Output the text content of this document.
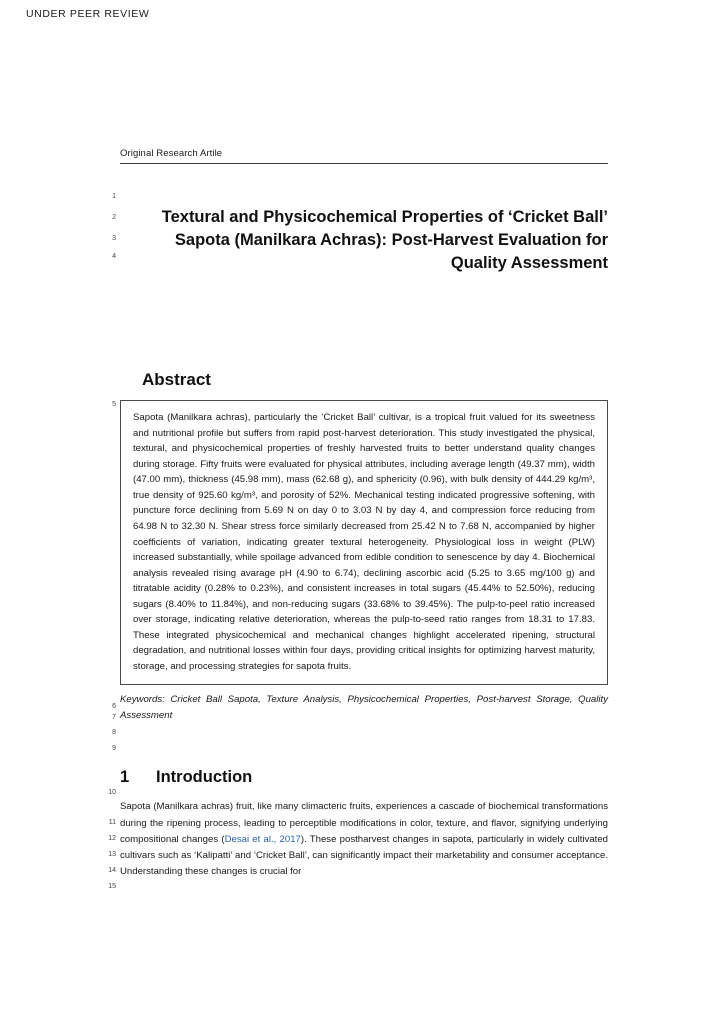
UNDER PEER REVIEW
1
2
3
4
5
6
7
8
9
10
11
12
13
14
15
Original Research Artile
Textural and Physicochemical Properties of ‘Cricket Ball’ Sapota (Manilkara Achras): Post-Harvest Evaluation for Quality Assessment
Abstract
Sapota (Manilkara achras), particularly the ‘Cricket Ball’ cultivar, is a tropical fruit valued for its sweetness and nutritional profile but suffers from rapid post-harvest deterioration. This study investigated the physical, textural, and physicochemical properties of freshly harvested fruits to better understand quality changes during storage. Fifty fruits were evaluated for physical attributes, including average length (49.37 mm), width (47.00 mm), thickness (45.98 mm), mass (62.68 g), and sphericity (0.96), with bulk density of 444.29 kg/m³, true density of 925.60 kg/m³, and porosity of 52%. Mechanical testing indicated progressive softening, with puncture force declining from 5.69 N on day 0 to 3.03 N by day 4, and compression force reducing from 64.98 N to 32.30 N. Shear stress force similarly decreased from 25.42 N to 7.68 N, accompanied by higher coefficients of variation, indicating greater textural heterogeneity. Physiological loss in weight (PLW) increased substantially, while spoilage advanced from edible condition to senescence by day 4. Biochemical analysis revealed rising avarage pH (4.90 to 6.74), declining ascorbic acid (5.25 to 3.65 mg/100 g) and titratable acidity (0.28% to 0.23%), and consistent increases in total sugars (45.44% to 52.50%), reducing sugars (8.40% to 11.84%), and non-reducing sugars (33.68% to 39.45%). The pulp-to-peel ratio increased over storage, indicating relative deterioration, whereas the pulp-to-seed ratio ranges from 18.31 to 17.83. These integrated physicochemical and mechanical changes highlight accelerated ripening, structural degradation, and nutritional losses within four days, providing critical insights for optimizing harvest maturity, storage, and processing strategies for sapota fruits.
Keywords: Cricket Ball Sapota, Texture Analysis, Physicochemical Properties, Post-harvest Storage, Quality Assessment
1 Introduction
Sapota (Manilkara achras) fruit, like many climacteric fruits, experiences a cascade of biochemical transformations during the ripening process, leading to perceptible modifications in color, texture, and flavor, signifying underlying compositional changes (Desai et al., 2017). These postharvest changes in sapota, particularly in widely cultivated cultivars such as ‘Kalipatti’ and ‘Cricket Ball’, can significantly impact their marketability and consumer acceptance. Understanding these changes is crucial for
